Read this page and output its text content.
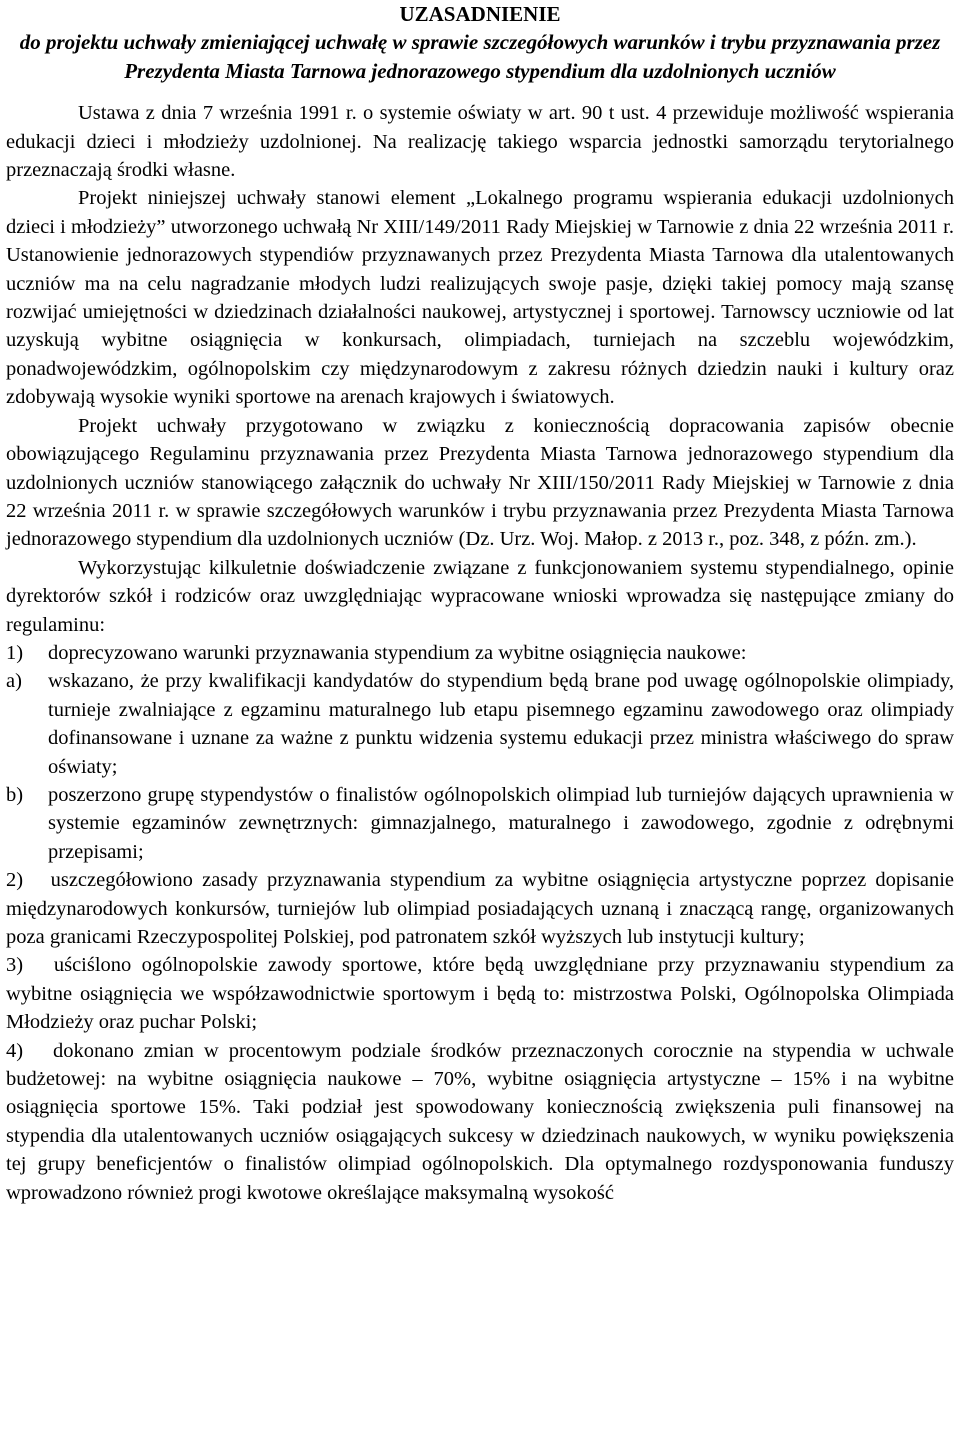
UZASADNIENIE

do projektu uchwały zmieniającej uchwałę w sprawie szczegółowych warunków i trybu przyznawania przez Prezydenta Miasta Tarnowa jednorazowego stypendium dla uzdolnionych uczniów

Ustawa z dnia 7 września 1991 r. o systemie oświaty w art. 90 t ust. 4 przewiduje możliwość wspierania edukacji dzieci i młodzieży uzdolnionej. Na realizację takiego wsparcia jednostki samorządu terytorialnego przeznaczają środki własne.

Projekt niniejszej uchwały stanowi element „Lokalnego programu wspierania edukacji uzdolnionych dzieci i młodzieży” utworzonego uchwałą Nr XIII/149/2011 Rady Miejskiej w Tarnowie z dnia 22 września 2011 r. Ustanowienie jednorazowych stypendiów przyznawanych przez Prezydenta Miasta Tarnowa dla utalentowanych uczniów ma na celu nagradzanie młodych ludzi realizujących swoje pasje, dzięki takiej pomocy mają szansę rozwijać umiejętności w dziedzinach działalności naukowej, artystycznej i sportowej. Tarnowscy uczniowie od lat uzyskują wybitne osiągnięcia w konkursach, olimpiadach, turniejach na szczeblu wojewódzkim, ponadwojewódzkim, ogólnopolskim czy międzynarodowym z zakresu różnych dziedzin nauki i kultury oraz zdobywają wysokie wyniki sportowe na arenach krajowych i światowych.

Projekt uchwały przygotowano w związku z koniecznością dopracowania zapisów obecnie obowiązującego Regulaminu przyznawania przez Prezydenta Miasta Tarnowa jednorazowego stypendium dla uzdolnionych uczniów stanowiącego załącznik do uchwały Nr XIII/150/2011 Rady Miejskiej w Tarnowie z dnia 22 września 2011 r. w sprawie szczegółowych warunków i trybu przyznawania przez Prezydenta Miasta Tarnowa jednorazowego stypendium dla uzdolnionych uczniów (Dz. Urz. Woj. Małop. z 2013 r., poz. 348, z późn. zm.).

Wykorzystując kilkuletnie doświadczenie związane z funkcjonowaniem systemu stypendialnego, opinie dyrektorów szkół i rodziców oraz uwzględniając wypracowane wnioski wprowadza się następujące zmiany do regulaminu:

1)	doprecyzowano warunki przyznawania stypendium za wybitne osiągnięcia naukowe:
a)	wskazano, że przy kwalifikacji kandydatów do stypendium będą brane pod uwagę ogólnopolskie olimpiady, turnieje zwalniające z egzaminu maturalnego lub etapu pisemnego egzaminu zawodowego oraz olimpiady dofinansowane i uznane za ważne z punktu widzenia systemu edukacji przez ministra właściwego do spraw oświaty;
b)	poszerzono grupę stypendystów o finalistów ogólnopolskich olimpiad lub turniejów dających uprawnienia w systemie egzaminów zewnętrznych: gimnazjalnego, maturalnego i zawodowego, zgodnie z odrębnymi przepisami;

2) uszczegółowiono zasady przyznawania stypendium za wybitne osiągnięcia artystyczne poprzez dopisanie międzynarodowych konkursów, turniejów lub olimpiad posiadających uznaną i znaczącą rangę, organizowanych poza granicami Rzeczypospolitej Polskiej, pod patronatem szkół wyższych lub instytucji kultury;

3) uściślono ogólnopolskie zawody sportowe, które będą uwzględniane przy przyznawaniu stypendium za wybitne osiągnięcia we współzawodnictwie sportowym i będą to: mistrzostwa Polski, Ogólnopolska Olimpiada Młodzieży oraz puchar Polski;

4) dokonano zmian w procentowym podziale środków przeznaczonych corocznie na stypendia w uchwale budżetowej: na wybitne osiągnięcia naukowe – 70%, wybitne osiągnięcia artystyczne – 15% i na wybitne osiągnięcia sportowe 15%. Taki podział jest spowodowany koniecznością zwiększenia puli finansowej na stypendia dla utalentowanych uczniów osiągających sukcesy w dziedzinach naukowych, w wyniku powiększenia tej grupy beneficjentów o finalistów olimpiad ogólnopolskich. Dla optymalnego rozdysponowania funduszy wprowadzono również progi kwotowe określające maksymalną wysokość
